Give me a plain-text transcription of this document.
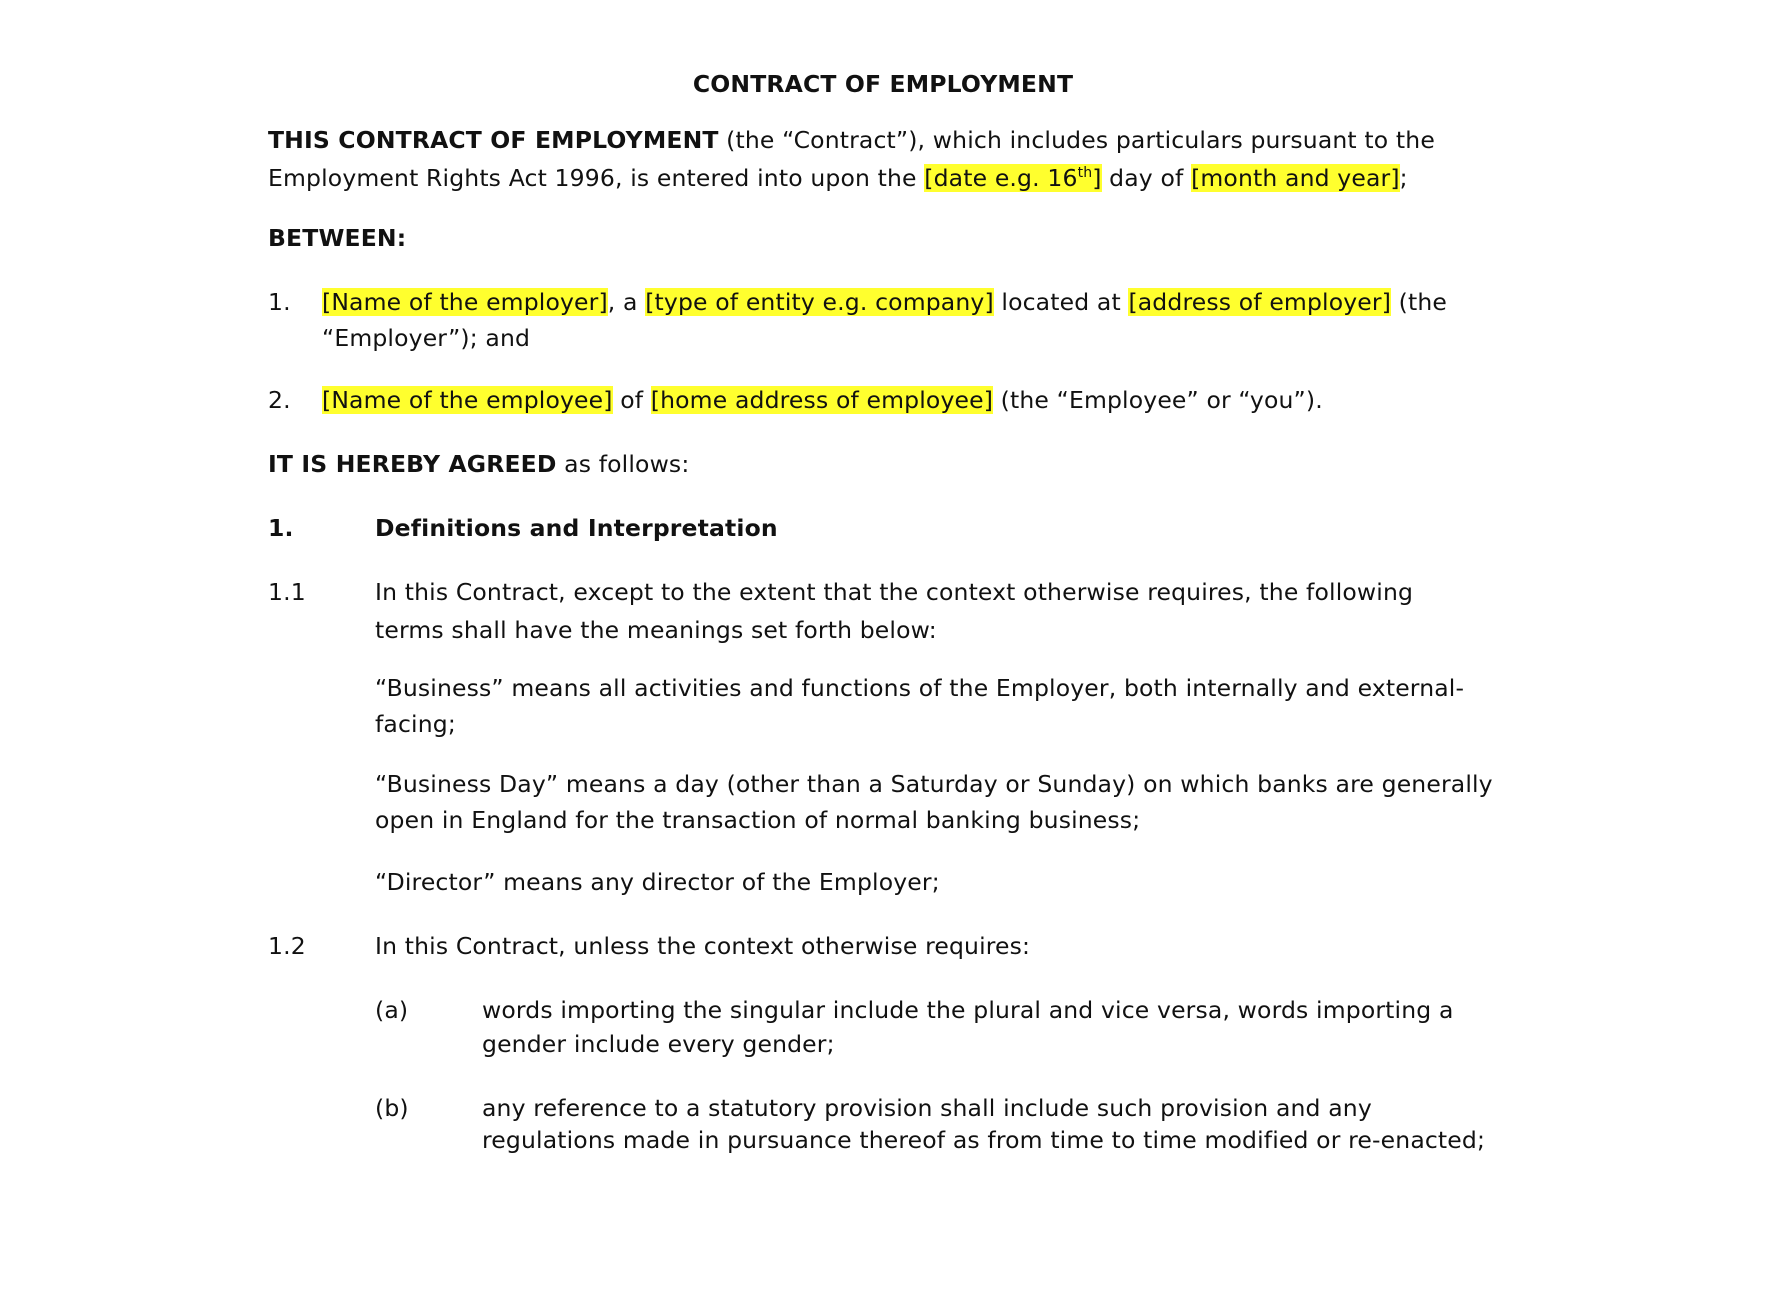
CONTRACT OF EMPLOYMENT
THIS CONTRACT OF EMPLOYMENT (the “Contract”), which includes particulars pursuant to the
Employment Rights Act 1996, is entered into upon the [date e.g. 16th] day of [month and year];
BETWEEN:
1. [Name of the employer], a [type of entity e.g. company] located at [address of employer] (the
“Employer”); and
2. [Name of the employee] of [home address of employee] (the “Employee” or “you”).
IT IS HEREBY AGREED as follows:
1.	Definitions and Interpretation
1.1	In this Contract, except to the extent that the context otherwise requires, the following
terms shall have the meanings set forth below:
“Business” means all activities and functions of the Employer, both internally and external-
facing;
“Business Day” means a day (other than a Saturday or Sunday) on which banks are generally
open in England for the transaction of normal banking business;
“Director” means any director of the Employer;
1.2	In this Contract, unless the context otherwise requires:
(a)	words importing the singular include the plural and vice versa, words importing a
gender include every gender;
(b)	any reference to a statutory provision shall include such provision and any
regulations made in pursuance thereof as from time to time modified or re-enacted;
